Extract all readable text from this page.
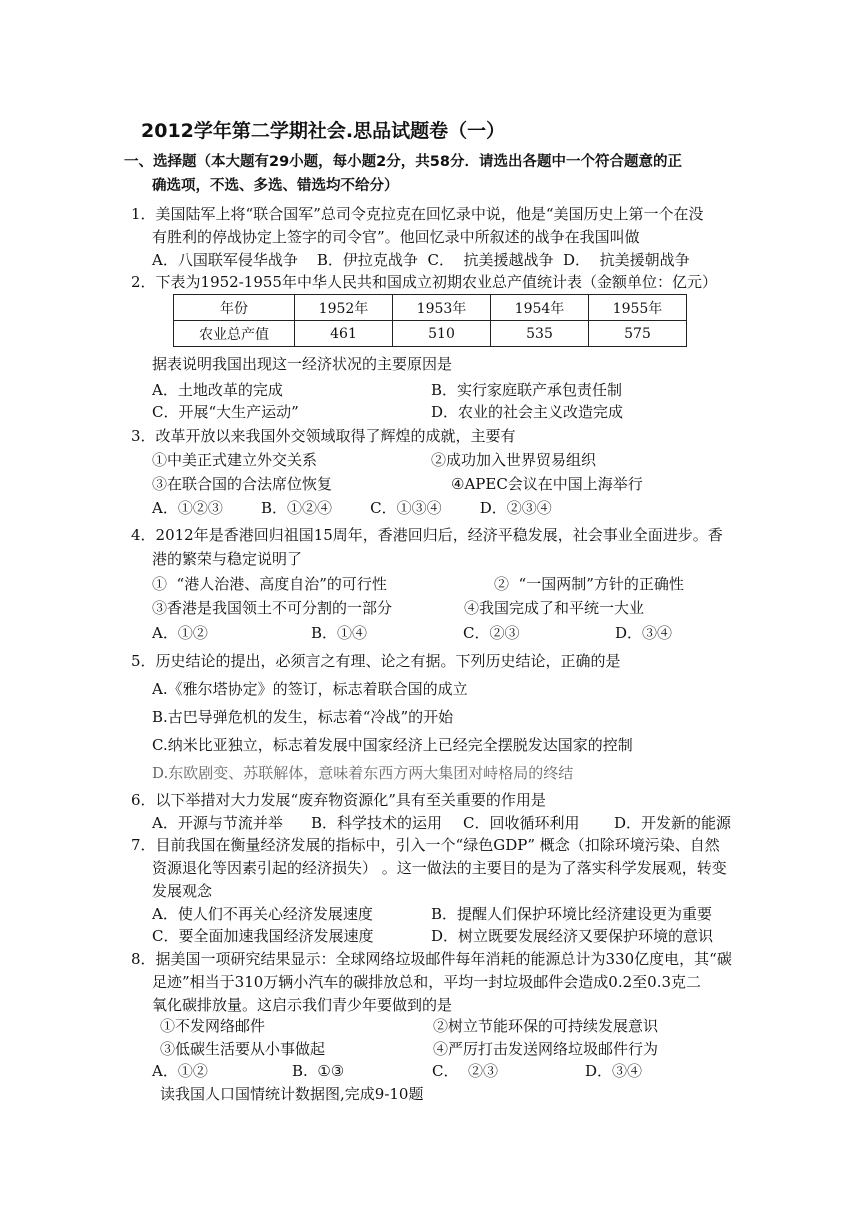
2012学年第二学期社会.思品试题卷（一）
一、选择题（本大题有29小题，每小题2分，共58分．请选出各题中一个符合题意的正
确选项，不选、多选、错选均不给分）
1．美国陆军上将“联合国军”总司令克拉克在回忆录中说，他是“美国历史上第一个在没
有胜利的停战协定上签字的司令官”。他回忆录中所叙述的战争在我国叫做
A．八国联军侵华战争    B．伊拉克战争  C．  抗美援越战争  D．  抗美援朝战争
2．下表为1952-1955年中华人民共和国成立初期农业总产值统计表（金额单位：亿元）
年份	1952年	1953年	1954年	1955年
农业总产值	461	510	535	575
据表说明我国出现这一经济状况的主要原因是
A．土地改革的完成	B．实行家庭联产承包责任制
C．开展“大生产运动”	D．农业的社会主义改造完成
3．改革开放以来我国外交领域取得了辉煌的成就，主要有
①中美正式建立外交关系	②成功加入世界贸易组织
③在联合国的合法席位恢复	④APEC会议在中国上海举行
A．①②③        B．①②④        C．①③④        D．②③④
4．2012年是香港回归祖国15周年，香港回归后，经济平稳发展，社会事业全面进步。香
港的繁荣与稳定说明了
①  “港人治港、高度自治”的可行性	②  “一国两制”方针的正确性
③香港是我国领土不可分割的一部分	④我国完成了和平统一大业
A．①②	B．①④	C．②③	D．③④
5．历史结论的提出，必须言之有理、论之有据。下列历史结论，正确的是
A.《雅尔塔协定》的签订，标志着联合国的成立
B.古巴导弹危机的发生，标志着“冷战”的开始
C.纳米比亚独立，标志着发展中国家经济上已经完全摆脱发达国家的控制
D.东欧剧变、苏联解体，意味着东西方两大集团对峙格局的终结
6．以下举措对大力发展“废弃物资源化”具有至关重要的作用是
A．开源与节流并举 B．科学技术的运用 C．回收循环利用 D．开发新的能源
7．目前我国在衡量经济发展的指标中，引入一个“绿色GDP” 概念（扣除环境污染、自然
资源退化等因素引起的经济损失） 。这一做法的主要目的是为了落实科学发展观，转变
发展观念
A．使人们不再关心经济发展速度	B．提醒人们保护环境比经济建设更为重要
C．要全面加速我国经济发展速度	D．树立既要发展经济又要保护环境的意识
8．据美国一项研究结果显示：全球网络垃圾邮件每年消耗的能源总计为330亿度电，其“碳
足迹”相当于310万辆小汽车的碳排放总和，平均一封垃圾邮件会造成0.2至0.3克二
氧化碳排放量。这启示我们青少年要做到的是
①不发网络邮件	②树立节能环保的可持续发展意识
③低碳生活要从小事做起	④严厉打击发送网络垃圾邮件行为
A．①②	B.  ①③	C．  ②③	D．③④
读我国人口国情统计数据图,完成9-10题
